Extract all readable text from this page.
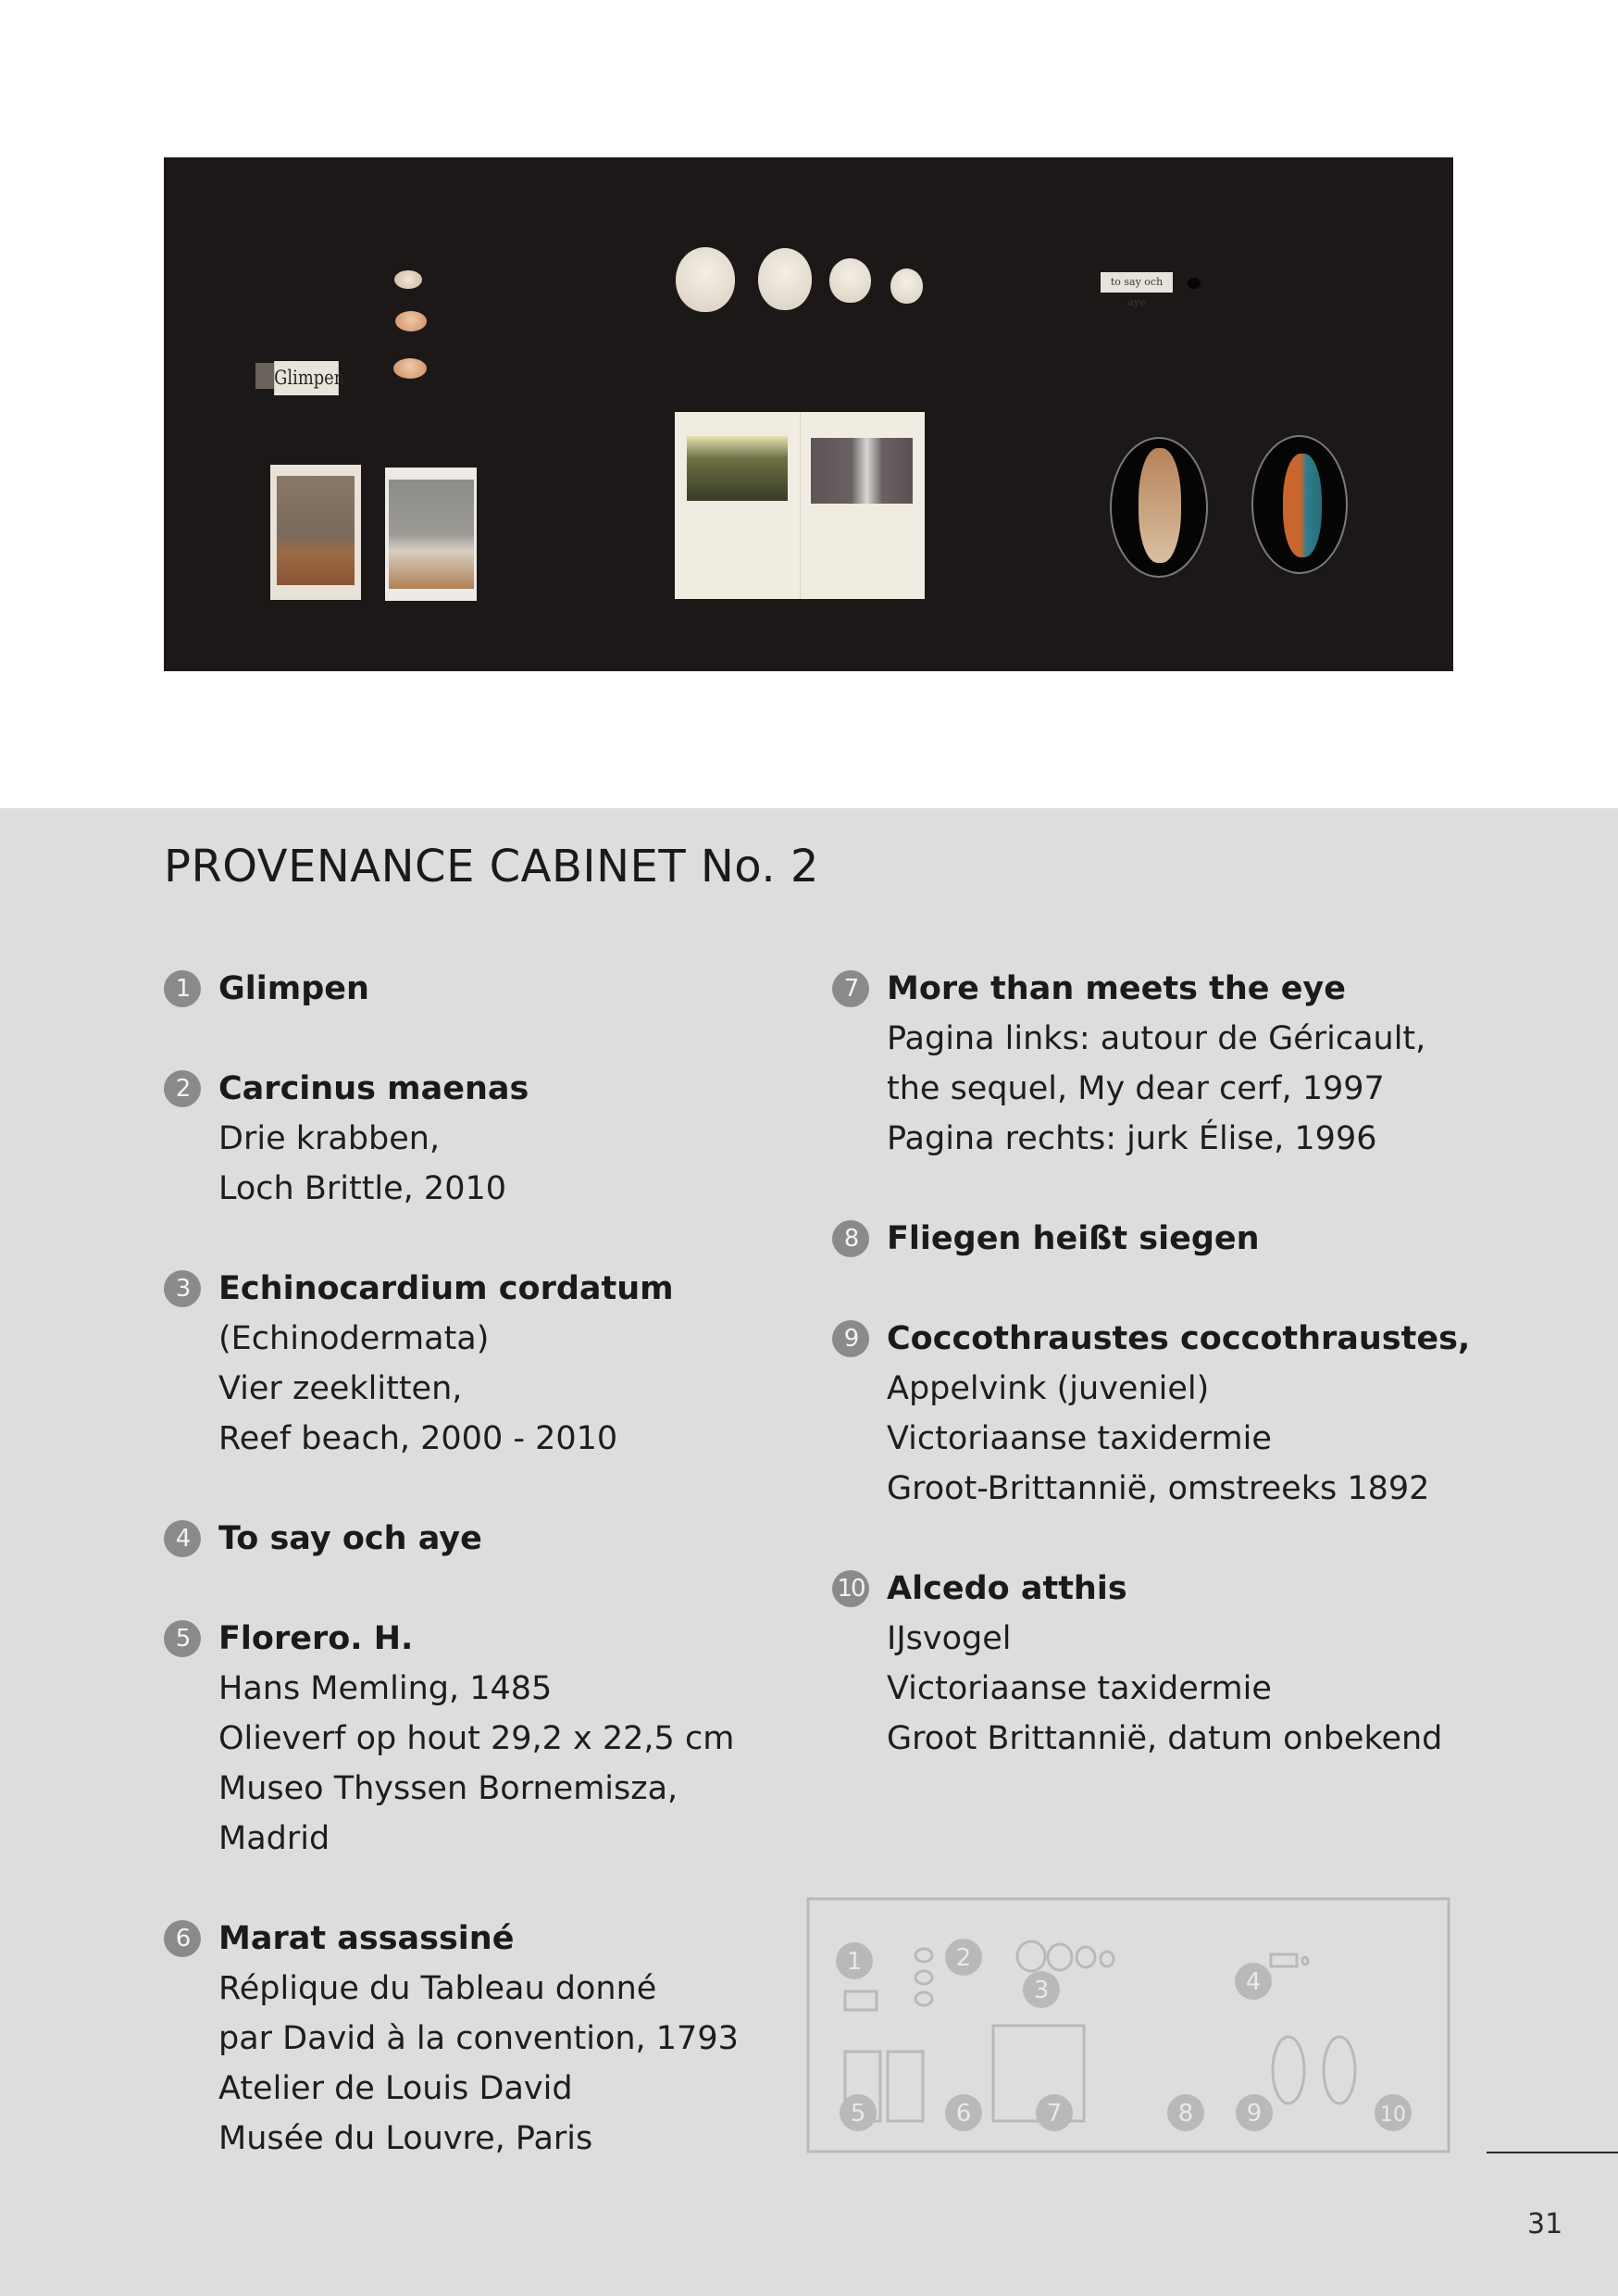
Glimpen
to say och aye
PROVENANCE CABINET No. 2
1 Glimpen
2 Carcinus maenas
Drie krabben,
Loch Brittle, 2010
3 Echinocardium cordatum
(Echinodermata)
Vier zeeklitten,
Reef beach, 2000 - 2010
4 To say och aye
5 Florero. H.
Hans Memling, 1485
Olieverf op hout 29,2 x 22,5 cm
Museo Thyssen Bornemisza,
Madrid
6 Marat assassiné
Réplique du Tableau donné
par David à la convention, 1793
Atelier de Louis David
Musée du Louvre, Paris
7 More than meets the eye
Pagina links: autour de Géricault,
the sequel, My dear cerf, 1997
Pagina rechts: jurk Élise, 1996
8 Fliegen heißt siegen
9 Coccothraustes coccothraustes,
Appelvink (juveniel)
Victoriaanse taxidermie
Groot-Brittannië, omstreeks 1892
10 Alcedo atthis
IJsvogel
Victoriaanse taxidermie
Groot Brittannië, datum onbekend
1	2
3	4
5	6	7	8 9	10
31
